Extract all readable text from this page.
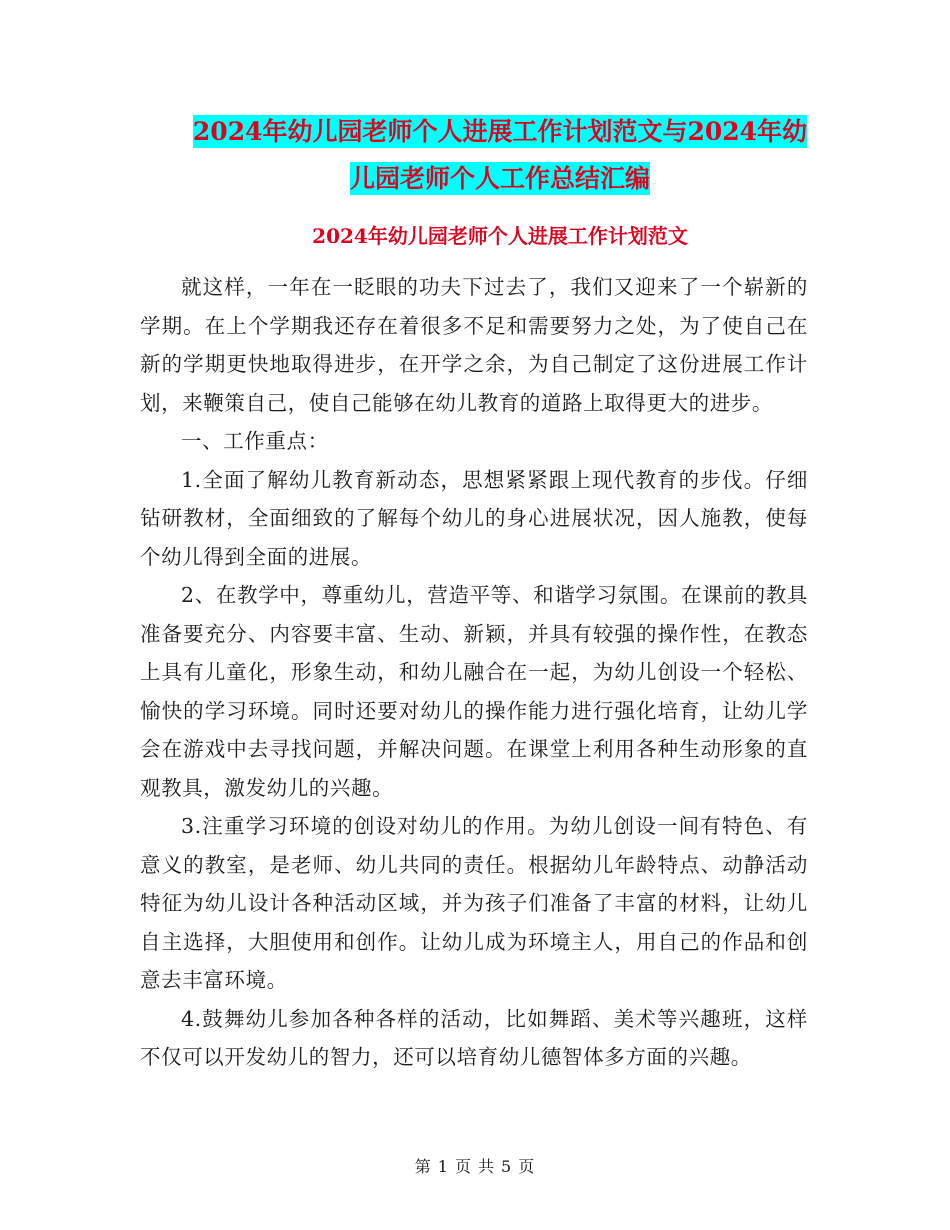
2024年幼儿园老师个人进展工作计划范文与2024年幼
儿园老师个人工作总结汇编
2024年幼儿园老师个人进展工作计划范文

就这样，一年在一眨眼的功夫下过去了，我们又迎来了一个崭新的学期。在上个学期我还存在着很多不足和需要努力之处，为了使自己在新的学期更快地取得进步，在开学之余，为自己制定了这份进展工作计划，来鞭策自己，使自己能够在幼儿教育的道路上取得更大的进步。

一、工作重点：

1.全面了解幼儿教育新动态，思想紧紧跟上现代教育的步伐。仔细钻研教材，全面细致的了解每个幼儿的身心进展状况，因人施教，使每个幼儿得到全面的进展。

2、在教学中，尊重幼儿，营造平等、和谐学习氛围。在课前的教具准备要充分、内容要丰富、生动、新颖，并具有较强的操作性，在教态上具有儿童化，形象生动，和幼儿融合在一起，为幼儿创设一个轻松、愉快的学习环境。同时还要对幼儿的操作能力进行强化培育，让幼儿学会在游戏中去寻找问题，并解决问题。在课堂上利用各种生动形象的直观教具，激发幼儿的兴趣。

3.注重学习环境的创设对幼儿的作用。为幼儿创设一间有特色、有意义的教室，是老师、幼儿共同的责任。根据幼儿年龄特点、动静活动特征为幼儿设计各种活动区域，并为孩子们准备了丰富的材料，让幼儿自主选择，大胆使用和创作。让幼儿成为环境主人，用自己的作品和创意去丰富环境。

4.鼓舞幼儿参加各种各样的活动，比如舞蹈、美术等兴趣班，这样不仅可以开发幼儿的智力，还可以培育幼儿德智体多方面的兴趣。

第 1 页 共 5 页
